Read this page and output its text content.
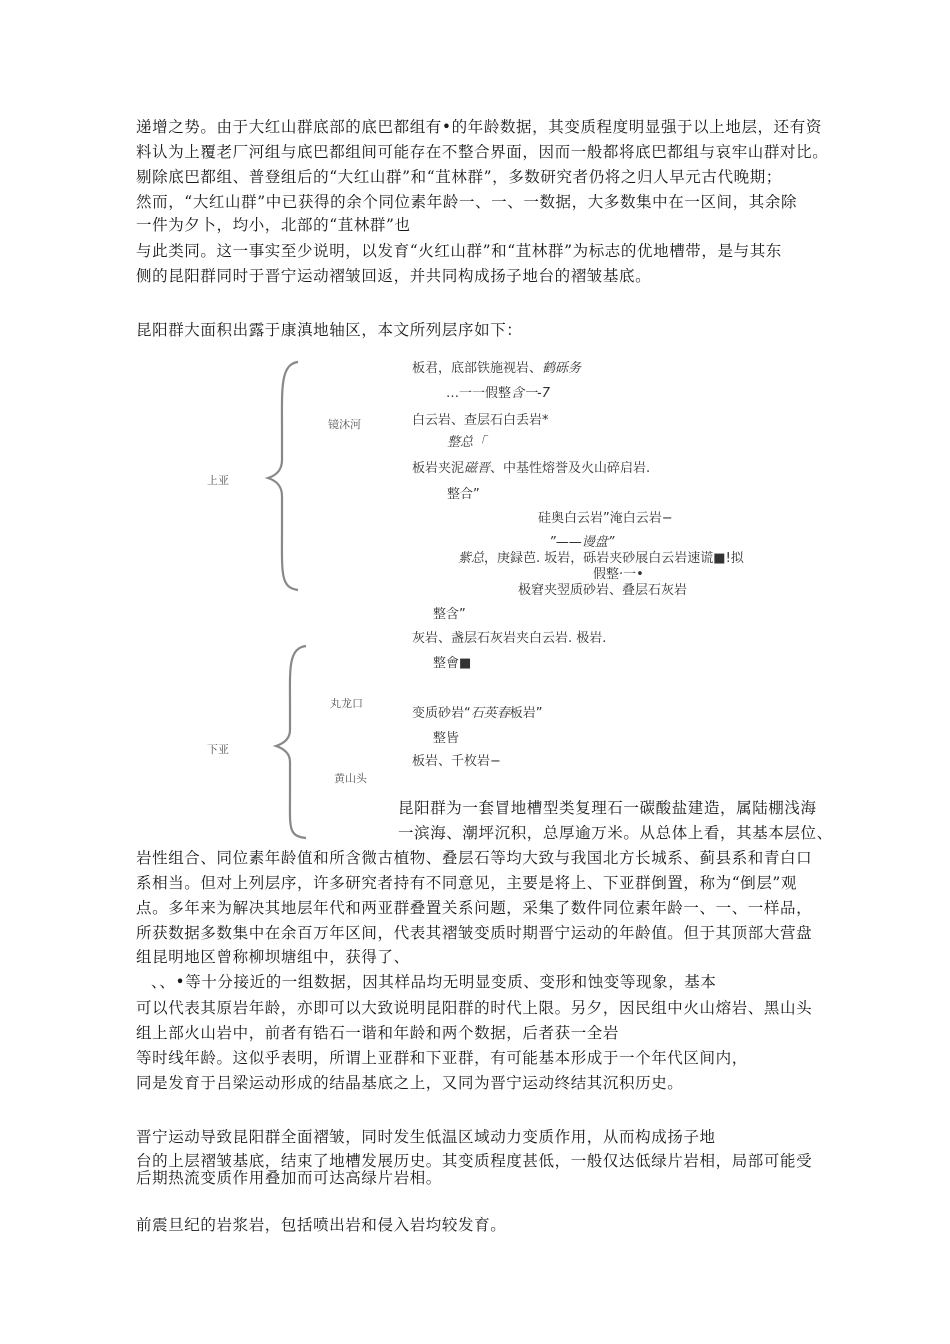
递增之势。由于大红山群底部的底巴都组有•的年龄数据，其变质程度明显强于以上地层，还有资
料认为上覆老厂河组与底巴都组间可能存在不整合界面，因而一般都将底巴都组与哀牢山群对比。
剔除底巴都组、普登组后的“大红山群”和“苴林群”，多数研究者仍将之归人早元古代晚期；
然而，“大红山群”中已获得的余个同位素年龄一、一、一数据，大多数集中在一区间，其余除
一件为夕卜，均小，北部的“苴林群”也
与此类同。这一事实至少说明，以发育“火红山群”和“苴林群”为标志的优地槽带，是与其东
侧的昆阳群同时于晋宁运动褶皱回返，并共同构成扬子地台的褶皱基底。
昆阳群大面积出露于康滇地轴区，本文所列层序如下：
上亚
镜沐河
下亚
丸龙口
黄山头
板君，底部铁施视岩、鹤砾务
…一一假整含一-7
白云岩、查层石白丢岩*
整总「
板岩夹泥磁晋、中基性熔誉及火山碎启岩.
整合”
硅奥白云岩”淹白云岩−
”——谩盘”
紫总，庚録芭. 坂岩，砾岩夹砂展白云岩速谎■!拟
假整·一•
极窘夹翌质砂岩、叠层石灰岩
整含”
灰岩、盏层石灰岩夹白云岩. 极岩.
整會■
变质砂岩“石英春板岩”
整皆
板岩、千枚岩−
昆阳群为一套冒地槽型类复理石一碳酸盐建造，属陆棚浅海
一滨海、潮坪沉积，总厚逾万米。从总体上看，其基本层位、
岩性组合、同位素年龄值和所含微古植物、叠层石等均大致与我国北方长城系、蓟县系和青白口
系相当。但对上列层序，许多研究者持有不同意见，主要是将上、下亚群倒置，称为“倒层”观
点。多年来为解决其地层年代和两亚群叠置关系问题，采集了数件同位素年龄一、一、一样品，
所获数据多数集中在余百万年区间，代表其褶皱变质时期晋宁运动的年龄值。但于其顶部大营盘
组昆明地区曾称柳坝塘组中，获得了、
、、•等十分接近的一组数据，因其样品均无明显变质、变形和蚀变等现象，基本
可以代表其原岩年龄，亦即可以大致说明昆阳群的时代上限。另夕，因民组中火山熔岩、黑山头
组上部火山岩中，前者有锆石一谐和年龄和两个数据，后者获一全岩
等时线年龄。这似乎表明，所谓上亚群和下亚群，有可能基本形成于一个年代区间内，
同是发育于吕梁运动形成的结晶基底之上，又同为晋宁运动终结其沉积历史。
晋宁运动导致昆阳群全面褶皱，同时发生低温区域动力变质作用，从而构成扬子地
台的上层褶皱基底，结束了地槽发展历史。其变质程度甚低，一般仅达低绿片岩相，局部可能受
后期热流变质作用叠加而可达高绿片岩相。
前震旦纪的岩浆岩，包括喷出岩和侵入岩均较发育。
